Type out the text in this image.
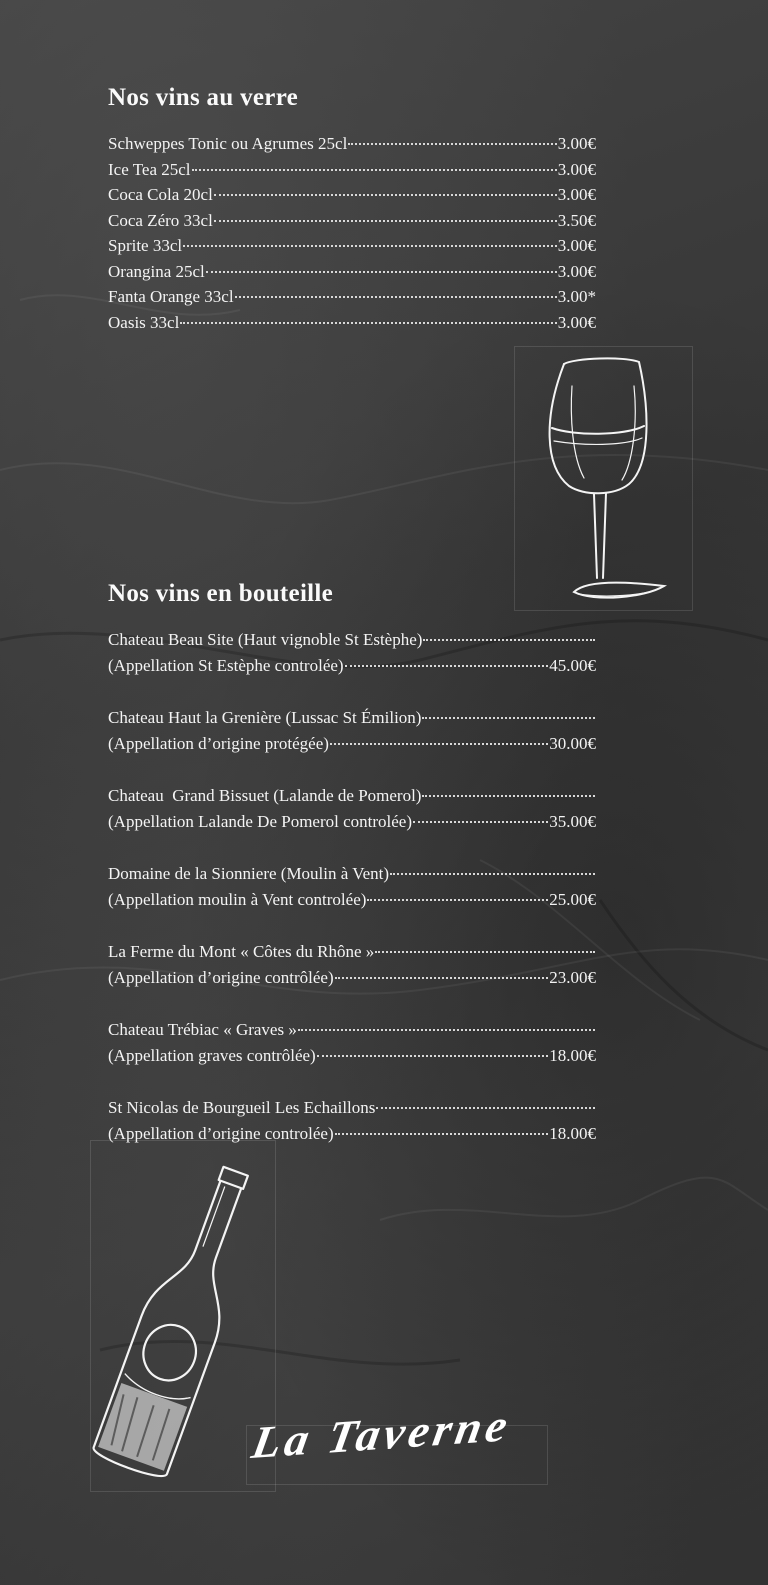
Nos vins au verre
Schweppes Tonic ou Agrumes 25cl	3.00€
Ice Tea 25cl	3.00€
Coca Cola 20cl	3.00€
Coca Zéro 33cl	3.50€
Sprite 33cl	3.00€
Orangina 25cl	3.00€
Fanta Orange 33cl	3.00*
Oasis 33cl	3.00€
Nos vins en bouteille
Chateau Beau Site (Haut vignoble St Estèphe)
(Appellation St Estèphe controlée)	45.00€
Chateau Haut la Grenière (Lussac St Émilion)
(Appellation d’origine protégée)	30.00€
Chateau  Grand Bissuet (Lalande de Pomerol)
(Appellation Lalande De Pomerol controlée)	35.00€
Domaine de la Sionniere (Moulin à Vent)
(Appellation moulin à Vent controlée)	25.00€
La Ferme du Mont « Côtes du Rhône »
(Appellation d’origine contrôlée)	23.00€
Chateau Trébiac « Graves »
(Appellation graves contrôlée)	18.00€
St Nicolas de Bourgueil Les Echaillons
(Appellation d’origine controlée)	18.00€
La Taverne
